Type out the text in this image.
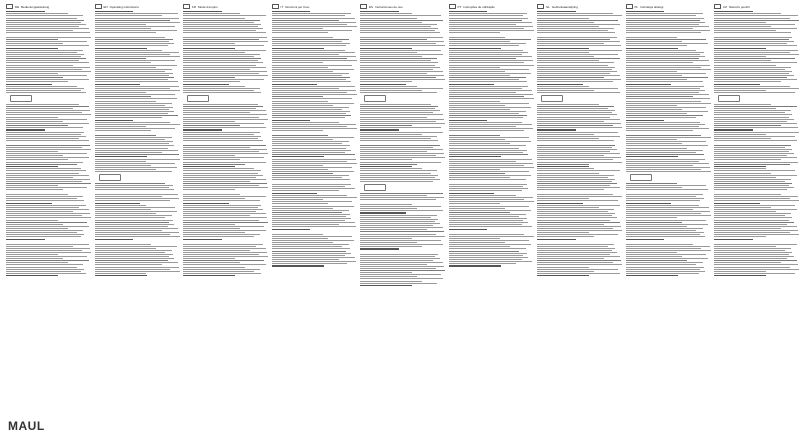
DE Bedienungsanleitung	EN Operating instructions	FR Mode d'emploi	IT Istruzioni per l'uso	ES Instrucciones de uso	PT Instruções de utilização	NL Gebruiksaanwijzing	PL Instrukcja obsługi	CZ Návod k použití
MAUL
